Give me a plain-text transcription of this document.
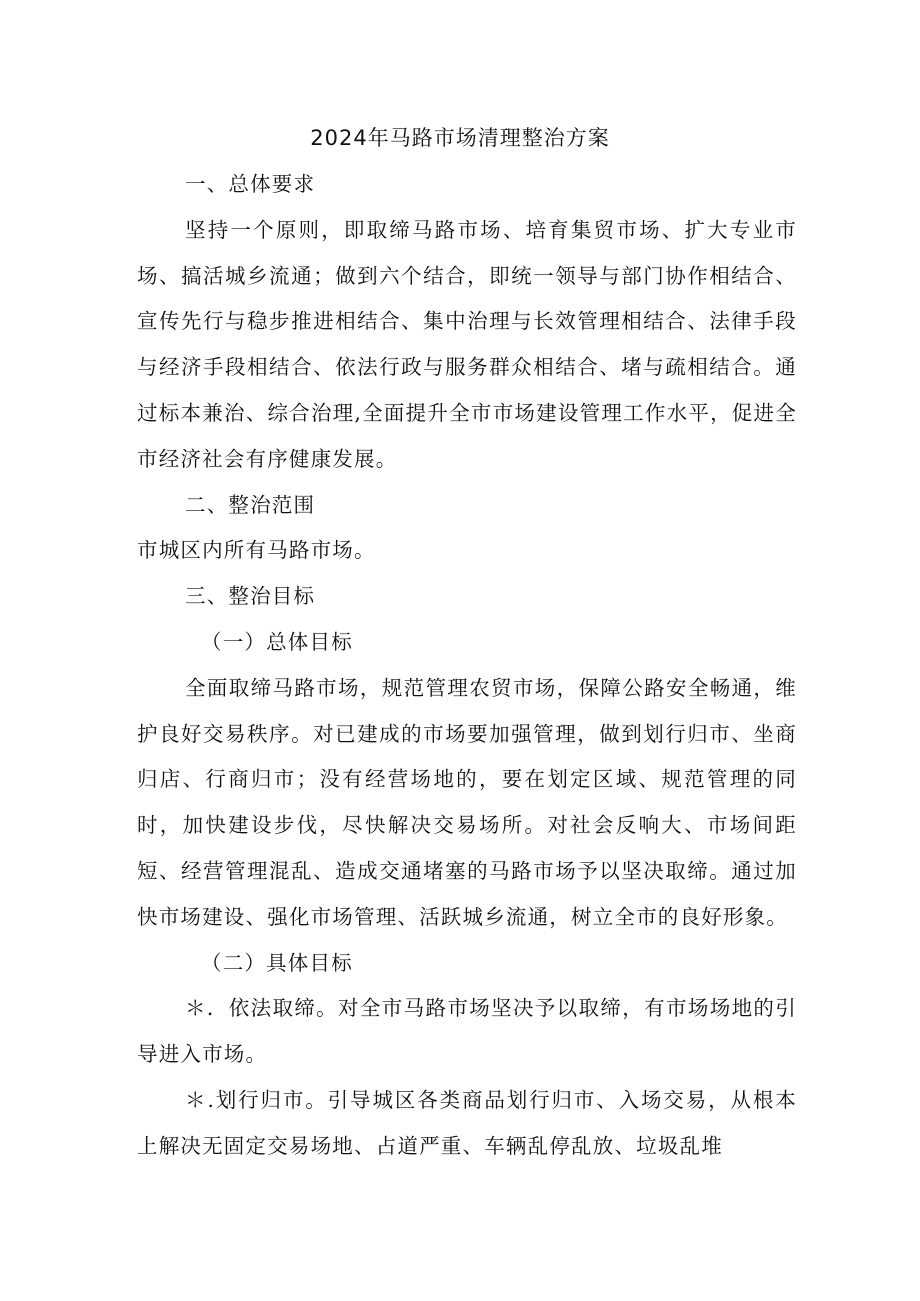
2024年马路市场清理整治方案

一、总体要求

坚持一个原则，即取缔马路市场、培育集贸市场、扩大专业市场、搞活城乡流通；做到六个结合，即统一领导与部门协作相结合、宣传先行与稳步推进相结合、集中治理与长效管理相结合、法律手段与经济手段相结合、依法行政与服务群众相结合、堵与疏相结合。通过标本兼治、综合治理,全面提升全市市场建设管理工作水平，促进全市经济社会有序健康发展。

二、整治范围

市城区内所有马路市场。

三、整治目标

（一）总体目标

全面取缔马路市场，规范管理农贸市场，保障公路安全畅通，维护良好交易秩序。对已建成的市场要加强管理，做到划行归市、坐商归店、行商归市；没有经营场地的，要在划定区域、规范管理的同时，加快建设步伐，尽快解决交易场所。对社会反响大、市场间距短、经营管理混乱、造成交通堵塞的马路市场予以坚决取缔。通过加快市场建设、强化市场管理、活跃城乡流通，树立全市的良好形象。

（二）具体目标

＊．依法取缔。对全市马路市场坚决予以取缔，有市场场地的引导进入市场。

＊.划行归市。引导城区各类商品划行归市、入场交易，从根本上解决无固定交易场地、占道严重、车辆乱停乱放、垃圾乱堆
